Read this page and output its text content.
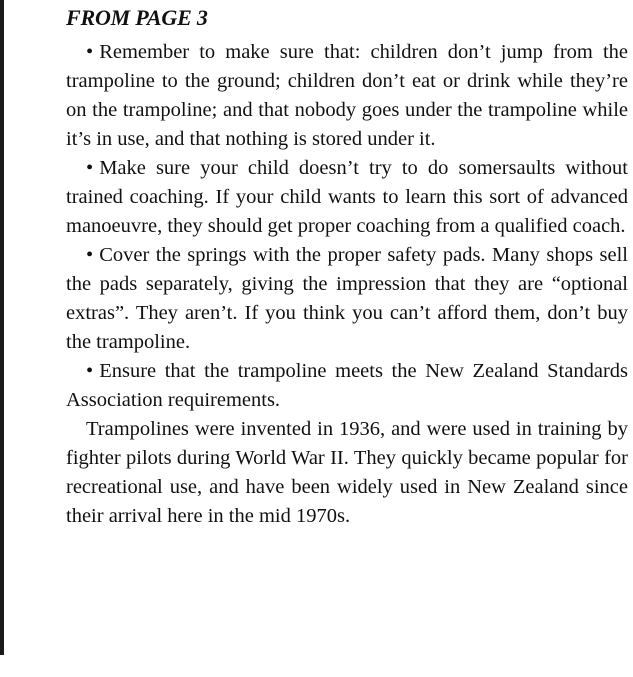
FROM PAGE 3

• Remember to make sure that: children don’t jump from the trampoline to the ground; children don’t eat or drink while they’re on the trampoline; and that nobody goes under the trampoline while it’s in use, and that nothing is stored under it.

• Make sure your child doesn’t try to do somersaults without trained coaching. If your child wants to learn this sort of advanced manoeuvre, they should get proper coaching from a qualified coach.

• Cover the springs with the proper safety pads. Many shops sell the pads separately, giving the impression that they are “optional extras”. They aren’t. If you think you can’t afford them, don’t buy the trampoline.

• Ensure that the trampoline meets the New Zealand Standards Association requirements.

Trampolines were invented in 1936, and were used in training by fighter pilots during World War II. They quickly became popular for recreational use, and have been widely used in New Zealand since their arrival here in the mid 1970s.
